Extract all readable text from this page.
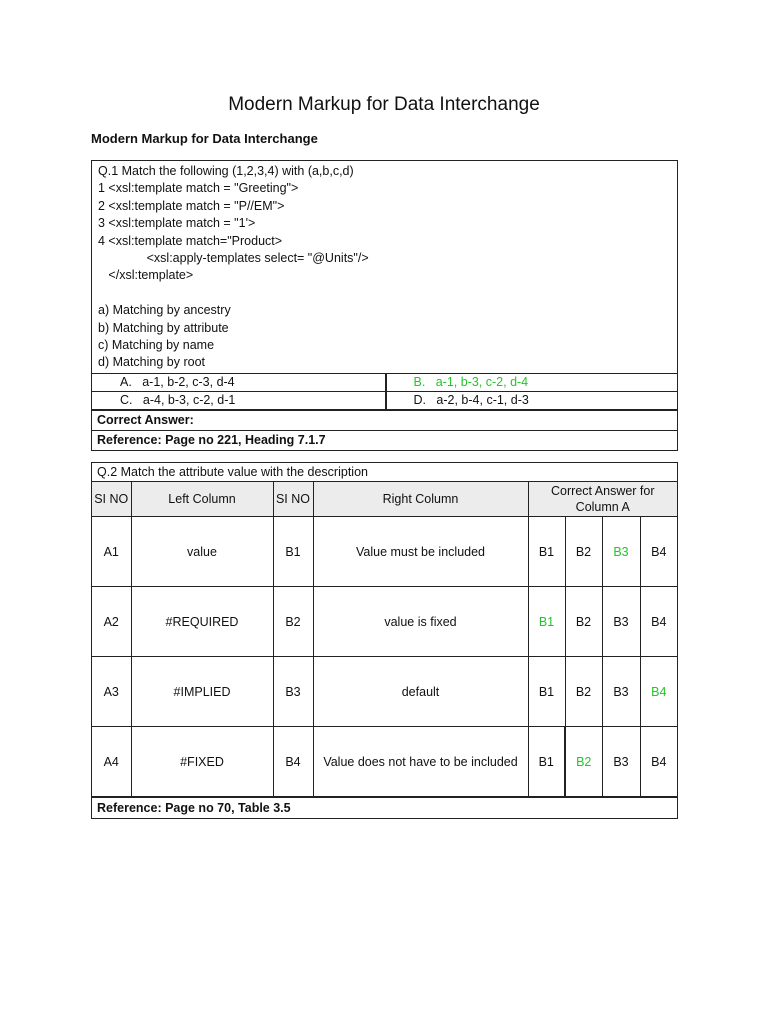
Modern Markup for Data Interchange
Modern Markup for Data Interchange
Q.1 Match the following (1,2,3,4) with (a,b,c,d)
1 <xsl:template match = "Greeting">
2 <xsl:template match = "P//EM">
3 <xsl:template match = "1'>
4 <xsl:template match="Product>
<xsl:apply-templates select= "@Units"/>
</xsl:template>
a) Matching by ancestry
b) Matching by attribute
c) Matching by name
d) Matching by root
A.   a-1, b-2, c-3, d-4
C.   a-4, b-3, c-2, d-1
B.   a-1, b-3, c-2, d-4
D.   a-2, b-4, c-1, d-3
Correct Answer:
Reference: Page no 221, Heading 7.1.7
Q.2 Match the attribute value with the description
SI NO	Left Column	SI NO	Right Column	Correct Answer for Column A			
A1	value	B1	Value must be included	B1	B2	B3	B4
A2	#REQUIRED	B2	value is fixed	B1	B2	B3	B4
A3	#IMPLIED	B3	default	B1	B2	B3	B4
A4	#FIXED	B4	Value does not have to be included	B1	B2	B3	B4
Reference: Page no 70, Table 3.5
